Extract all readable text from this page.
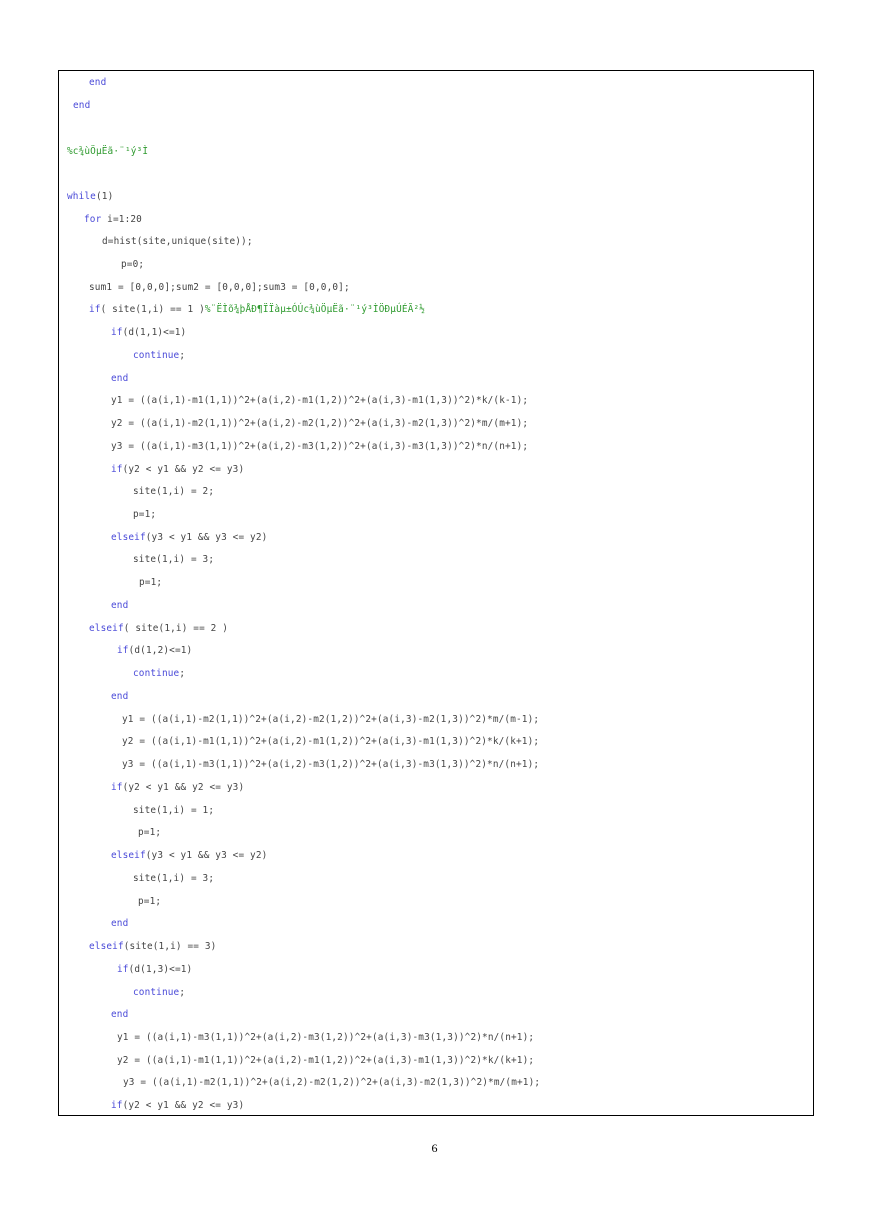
end
end
%c¾ùÖµËã·¨¹ý³Ì
while(1)
for i=1:20
d=hist(site,unique(site));
p=0;
sum1 = [0,0,0];sum2 = [0,0,0];sum3 = [0,0,0];
if( site(1,i) == 1 )%¨ËÌõ¾þÅÐ¶ÏÏàµ±ÓÚc¾ùÖµËã·¨¹ý³ÌÖÐµÚÉÃ²½
if(d(1,1)<=1)
continue;
end
y1 = ((a(i,1)-m1(1,1))^2+(a(i,2)-m1(1,2))^2+(a(i,3)-m1(1,3))^2)*k/(k-1);
y2 = ((a(i,1)-m2(1,1))^2+(a(i,2)-m2(1,2))^2+(a(i,3)-m2(1,3))^2)*m/(m+1);
y3 = ((a(i,1)-m3(1,1))^2+(a(i,2)-m3(1,2))^2+(a(i,3)-m3(1,3))^2)*n/(n+1);
if(y2 < y1 && y2 <= y3)
site(1,i) = 2;
p=1;
elseif(y3 < y1 && y3 <= y2)
site(1,i) = 3;
p=1;
end
elseif( site(1,i) == 2 )
if(d(1,2)<=1)
continue;
end
y1 = ((a(i,1)-m2(1,1))^2+(a(i,2)-m2(1,2))^2+(a(i,3)-m2(1,3))^2)*m/(m-1);
y2 = ((a(i,1)-m1(1,1))^2+(a(i,2)-m1(1,2))^2+(a(i,3)-m1(1,3))^2)*k/(k+1);
y3 = ((a(i,1)-m3(1,1))^2+(a(i,2)-m3(1,2))^2+(a(i,3)-m3(1,3))^2)*n/(n+1);
if(y2 < y1 && y2 <= y3)
site(1,i) = 1;
p=1;
elseif(y3 < y1 && y3 <= y2)
site(1,i) = 3;
p=1;
end
elseif(site(1,i) == 3)
if(d(1,3)<=1)
continue;
end
y1 = ((a(i,1)-m3(1,1))^2+(a(i,2)-m3(1,2))^2+(a(i,3)-m3(1,3))^2)*n/(n+1);
y2 = ((a(i,1)-m1(1,1))^2+(a(i,2)-m1(1,2))^2+(a(i,3)-m1(1,3))^2)*k/(k+1);
y3 = ((a(i,1)-m2(1,1))^2+(a(i,2)-m2(1,2))^2+(a(i,3)-m2(1,3))^2)*m/(m+1);
if(y2 < y1 && y2 <= y3)
6
